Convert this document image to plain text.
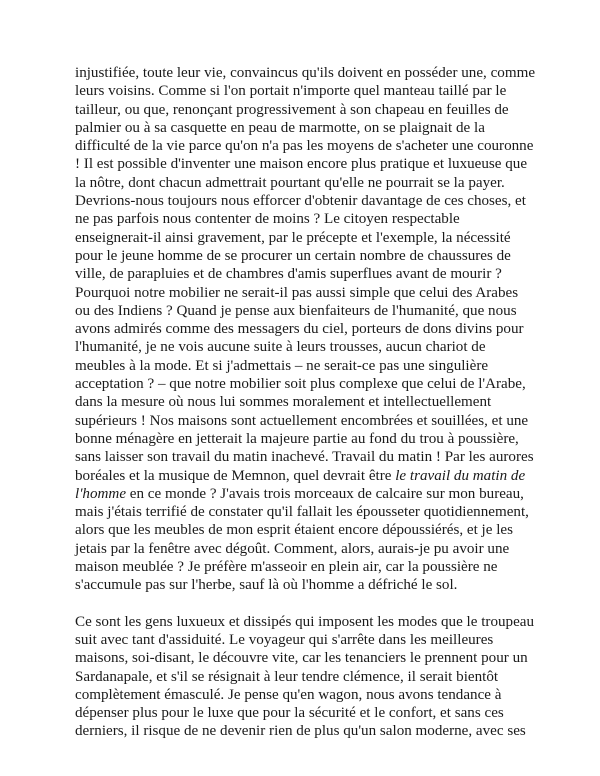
injustifiée, toute leur vie, convaincus qu'ils doivent en posséder une, comme
leurs voisins. Comme si l'on portait n'importe quel manteau taillé par le
tailleur, ou que, renonçant progressivement à son chapeau en feuilles de
palmier ou à sa casquette en peau de marmotte, on se plaignait de la
difficulté de la vie parce qu'on n'a pas les moyens de s'acheter une couronne
! Il est possible d'inventer une maison encore plus pratique et luxueuse que
la nôtre, dont chacun admettrait pourtant qu'elle ne pourrait se la payer.
Devrions-nous toujours nous efforcer d'obtenir davantage de ces choses, et
ne pas parfois nous contenter de moins ? Le citoyen respectable
enseignerait-il ainsi gravement, par le précepte et l'exemple, la nécessité
pour le jeune homme de se procurer un certain nombre de chaussures de
ville, de parapluies et de chambres d'amis superflues avant de mourir ?
Pourquoi notre mobilier ne serait-il pas aussi simple que celui des Arabes
ou des Indiens ? Quand je pense aux bienfaiteurs de l'humanité, que nous
avons admirés comme des messagers du ciel, porteurs de dons divins pour
l'humanité, je ne vois aucune suite à leurs trousses, aucun chariot de
meubles à la mode. Et si j'admettais – ne serait-ce pas une singulière
acceptation ? – que notre mobilier soit plus complexe que celui de l'Arabe,
dans la mesure où nous lui sommes moralement et intellectuellement
supérieurs ! Nos maisons sont actuellement encombrées et souillées, et une
bonne ménagère en jetterait la majeure partie au fond du trou à poussière,
sans laisser son travail du matin inachevé. Travail du matin ! Par les aurores
boréales et la musique de Memnon, quel devrait être le travail du matin de
l'homme en ce monde ? J'avais trois morceaux de calcaire sur mon bureau,
mais j'étais terrifié de constater qu'il fallait les épousseter quotidiennement,
alors que les meubles de mon esprit étaient encore dépoussiérés, et je les
jetais par la fenêtre avec dégoût. Comment, alors, aurais-je pu avoir une
maison meublée ? Je préfère m'asseoir en plein air, car la poussière ne
s'accumule pas sur l'herbe, sauf là où l'homme a défriché le sol.

Ce sont les gens luxueux et dissipés qui imposent les modes que le troupeau
suit avec tant d'assiduité. Le voyageur qui s'arrête dans les meilleures
maisons, soi-disant, le découvre vite, car les tenanciers le prennent pour un
Sardanapale, et s'il se résignait à leur tendre clémence, il serait bientôt
complètement émasculé. Je pense qu'en wagon, nous avons tendance à
dépenser plus pour le luxe que pour la sécurité et le confort, et sans ces
derniers, il risque de ne devenir rien de plus qu'un salon moderne, avec ses
